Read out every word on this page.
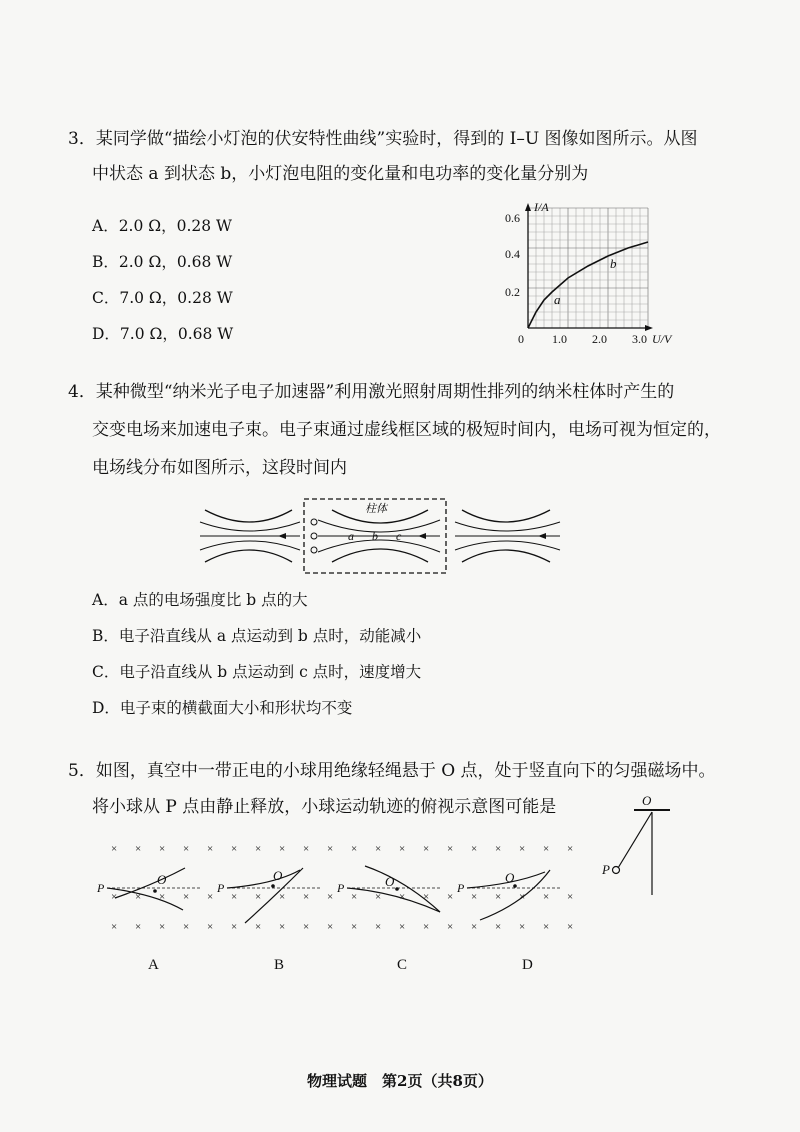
3．某同学做“描绘小灯泡的伏安特性曲线”实验时，得到的 I–U 图像如图所示。从图
中状态 a 到状态 b，小灯泡电阻的变化量和电功率的变化量分别为
A．2.0 Ω，0.28 W
B．2.0 Ω，0.68 W
C．7.0 Ω，0.28 W
D．7.0 Ω，0.68 W
I/A
U/V
0 1.0 2.0 3.0
0.2
0.4
0.6
a
b
4．某种微型“纳米光子电子加速器”利用激光照射周期性排列的纳米柱体时产生的
交变电场来加速电子束。电子束通过虚线框区域的极短时间内，电场可视为恒定的，
电场线分布如图所示，这段时间内
柱体
a b c
A．a 点的电场强度比 b 点的大
B．电子沿直线从 a 点运动到 b 点时，动能减小
C．电子沿直线从 b 点运动到 c 点时，速度增大
D．电子束的横截面大小和形状均不变
5．如图，真空中一带正电的小球用绝缘轻绳悬于 O 点，处于竖直向下的匀强磁场中。
将小球从 P 点由静止释放，小球运动轨迹的俯视示意图可能是	O
P
×
×
×
×
×
×
×
×
×
×
×
×
×
×
×
×
×
×
×
×
×
×
×
×
×
×
×
×
×
×
×
×
×
×
×
×
×
×
×
×
×
×
×
×
×
×
×
×
×
×
×
×
×
×
×
×
×
×
×
×
P
O
P
O
P	O	P
O
A	B	C	D
物理试题　第2页（共8页）
